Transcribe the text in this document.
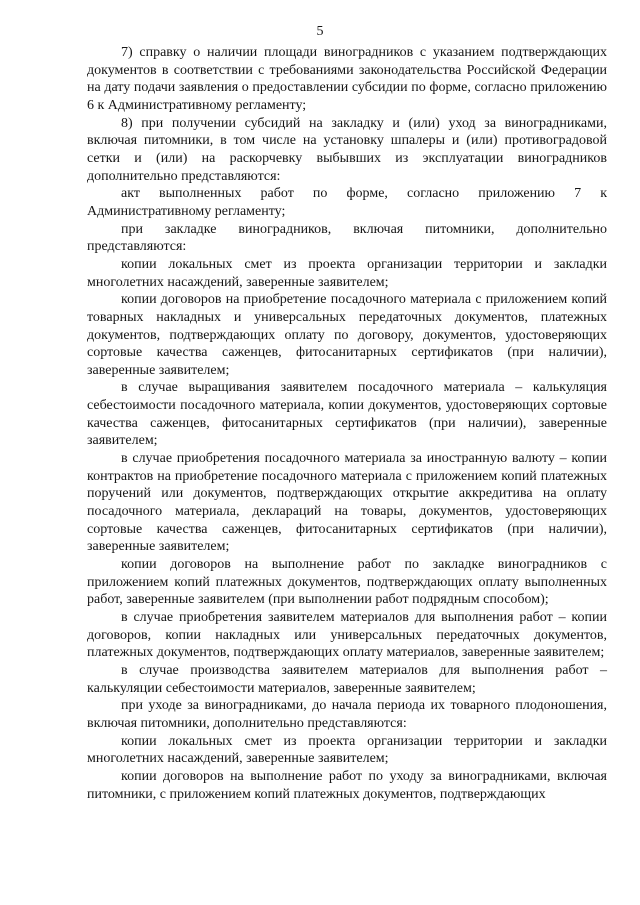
5

7) справку о наличии площади виноградников с указанием подтверждающих документов в соответствии с требованиями законодательства Российской Федерации на дату подачи заявления о предоставлении субсидии по форме, согласно приложению 6 к Административному регламенту;

8) при получении субсидий на закладку и (или) уход за виноградниками, включая питомники, в том числе на установку шпалеры и (или) противоградовой сетки и (или) на раскорчевку выбывших из эксплуатации виноградников дополнительно представляются:

акт выполненных работ по форме, согласно приложению 7 к Административному регламенту;

при закладке виноградников, включая питомники, дополнительно представляются:

копии локальных смет из проекта организации территории и закладки многолетних насаждений, заверенные заявителем;

копии договоров на приобретение посадочного материала с приложением копий товарных накладных и универсальных передаточных документов, платежных документов, подтверждающих оплату по договору, документов, удостоверяющих сортовые качества саженцев, фитосанитарных сертификатов (при наличии), заверенные заявителем;

в случае выращивания заявителем посадочного материала – калькуляция себестоимости посадочного материала, копии документов, удостоверяющих сортовые качества саженцев, фитосанитарных сертификатов (при наличии), заверенные заявителем;

в случае приобретения посадочного материала за иностранную валюту – копии контрактов на приобретение посадочного материала с приложением копий платежных поручений или документов, подтверждающих открытие аккредитива на оплату посадочного материала, деклараций на товары, документов, удостоверяющих сортовые качества саженцев, фитосанитарных сертификатов (при наличии), заверенные заявителем;

копии договоров на выполнение работ по закладке виноградников с приложением копий платежных документов, подтверждающих оплату выполненных работ, заверенные заявителем (при выполнении работ подрядным способом);

в случае приобретения заявителем материалов для выполнения работ – копии договоров, копии накладных или универсальных передаточных документов, платежных документов, подтверждающих оплату материалов, заверенные заявителем;

в случае производства заявителем материалов для выполнения работ – калькуляции себестоимости материалов, заверенные заявителем;

при уходе за виноградниками, до начала периода их товарного плодоношения, включая питомники, дополнительно представляются:

копии локальных смет из проекта организации территории и закладки многолетних насаждений, заверенные заявителем;

копии договоров на выполнение работ по уходу за виноградниками, включая питомники, с приложением копий платежных документов, подтверждающих
